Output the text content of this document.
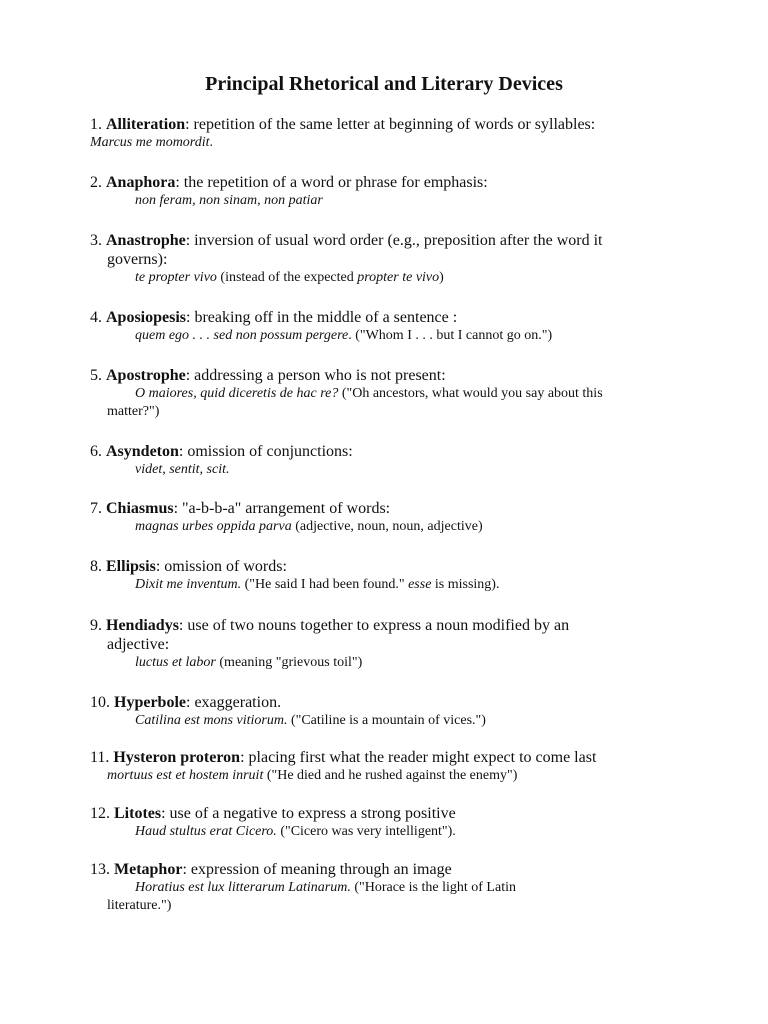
Principal Rhetorical and Literary Devices
1. Alliteration: repetition of the same letter at beginning of words or syllables:
Marcus me momordit.
2. Anaphora: the repetition of a word or phrase for emphasis:
non feram, non sinam, non patiar
3. Anastrophe: inversion of usual word order (e.g., preposition after the word it
governs):
te propter vivo (instead of the expected propter te vivo)
4. Aposiopesis: breaking off in the middle of a sentence :
quem ego . . . sed non possum pergere. ("Whom I . . . but I cannot go on.")
5. Apostrophe: addressing a person who is not present:
O maiores, quid diceretis de hac re? ("Oh ancestors, what would you say about this
matter?")
6. Asyndeton: omission of conjunctions:
videt, sentit, scit.
7. Chiasmus: "a-b-b-a" arrangement of words:
magnas urbes oppida parva (adjective, noun, noun, adjective)
8. Ellipsis: omission of words:
Dixit me inventum. ("He said I had been found." esse is missing).
9. Hendiadys: use of two nouns together to express a noun modified by an
adjective:
luctus et labor (meaning "grievous toil")
10. Hyperbole: exaggeration.
Catilina est mons vitiorum. ("Catiline is a mountain of vices.")
11. Hysteron proteron: placing first what the reader might expect to come last
mortuus est et hostem inruit ("He died and he rushed against the enemy")
12. Litotes: use of a negative to express a strong positive
Haud stultus erat Cicero. ("Cicero was very intelligent").
13. Metaphor: expression of meaning through an image
Horatius est lux litterarum Latinarum. ("Horace is the light of Latin
literature.")
